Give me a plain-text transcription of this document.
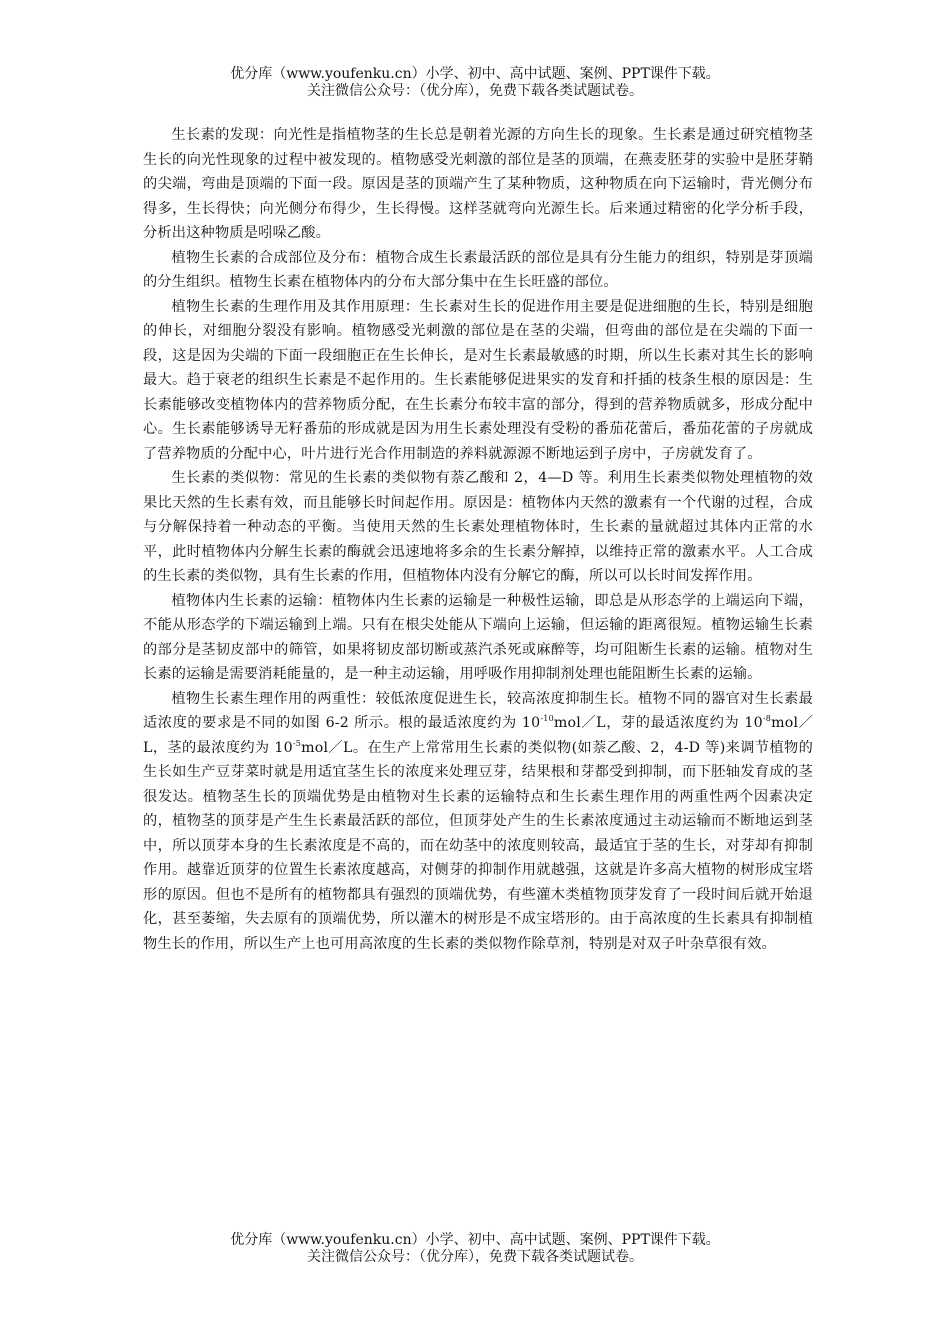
优分库（www.youfenku.cn）小学、初中、高中试题、案例、PPT课件下载。
关注微信公众号：（优分库），免费下载各类试题试卷。

生长素的发现：向光性是指植物茎的生长总是朝着光源的方向生长的现象。生长素是通过研究植物茎生长的向光性现象的过程中被发现的。植物感受光刺激的部位是茎的顶端，在燕麦胚芽的实验中是胚芽鞘的尖端，弯曲是顶端的下面一段。原因是茎的顶端产生了某种物质，这种物质在向下运输时，背光侧分布得多，生长得快；向光侧分布得少，生长得慢。这样茎就弯向光源生长。后来通过精密的化学分析手段，分析出这种物质是吲哚乙酸。

植物生长素的合成部位及分布：植物合成生长素最活跃的部位是具有分生能力的组织，特别是芽顶端的分生组织。植物生长素在植物体内的分布大部分集中在生长旺盛的部位。

植物生长素的生理作用及其作用原理：生长素对生长的促进作用主要是促进细胞的生长，特别是细胞的伸长，对细胞分裂没有影响。植物感受光刺激的部位是在茎的尖端，但弯曲的部位是在尖端的下面一段，这是因为尖端的下面一段细胞正在生长伸长，是对生长素最敏感的时期，所以生长素对其生长的影响最大。趋于衰老的组织生长素是不起作用的。生长素能够促进果实的发育和扦插的枝条生根的原因是：生长素能够改变植物体内的营养物质分配，在生长素分布较丰富的部分，得到的营养物质就多，形成分配中心。生长素能够诱导无籽番茄的形成就是因为用生长素处理没有受粉的番茄花蕾后，番茄花蕾的子房就成了营养物质的分配中心，叶片进行光合作用制造的养料就源源不断地运到子房中，子房就发育了。

生长素的类似物：常见的生长素的类似物有萘乙酸和 2，4—D 等。利用生长素类似物处理植物的效果比天然的生长素有效，而且能够长时间起作用。原因是：植物体内天然的激素有一个代谢的过程，合成与分解保持着一种动态的平衡。当使用天然的生长素处理植物体时，生长素的量就超过其体内正常的水平，此时植物体内分解生长素的酶就会迅速地将多余的生长素分解掉，以维持正常的激素水平。人工合成的生长素的类似物，具有生长素的作用，但植物体内没有分解它的酶，所以可以长时间发挥作用。

植物体内生长素的运输：植物体内生长素的运输是一种极性运输，即总是从形态学的上端运向下端，不能从形态学的下端运输到上端。只有在根尖处能从下端向上运输，但运输的距离很短。植物运输生长素的部分是茎韧皮部中的筛管，如果将韧皮部切断或蒸汽杀死或麻醉等，均可阻断生长素的运输。植物对生长素的运输是需要消耗能量的，是一种主动运输，用呼吸作用抑制剂处理也能阻断生长素的运输。

植物生长素生理作用的两重性：较低浓度促进生长，较高浓度抑制生长。植物不同的器官对生长素最适浓度的要求是不同的如图 6-2 所示。根的最适浓度约为 $10^{-10}mol/L$，芽的最适浓度约为 $10^{-8}mol/L$，茎的最浓度约为 $10^{-5}mol/L$。在生产上常常用生长素的类似物(如萘乙酸、2，4-D 等)来调节植物的生长如生产豆芽菜时就是用适宜茎生长的浓度来处理豆芽，结果根和芽都受到抑制，而下胚轴发育成的茎很发达。植物茎生长的顶端优势是由植物对生长素的运输特点和生长素生理作用的两重性两个因素决定的，植物茎的顶芽是产生生长素最活跃的部位，但顶芽处产生的生长素浓度通过主动运输而不断地运到茎中，所以顶芽本身的生长素浓度是不高的，而在幼茎中的浓度则较高，最适宜于茎的生长，对芽却有抑制作用。越靠近顶芽的位置生长素浓度越高，对侧芽的抑制作用就越强，这就是许多高大植物的树形成宝塔形的原因。但也不是所有的植物都具有强烈的顶端优势，有些灌木类植物顶芽发育了一段时间后就开始退化，甚至萎缩，失去原有的顶端优势，所以灌木的树形是不成宝塔形的。由于高浓度的生长素具有抑制植物生长的作用，所以生产上也可用高浓度的生长素的类似物作除草剂，特别是对双子叶杂草很有效。

优分库（www.youfenku.cn）小学、初中、高中试题、案例、PPT课件下载。
关注微信公众号：（优分库），免费下载各类试题试卷。
